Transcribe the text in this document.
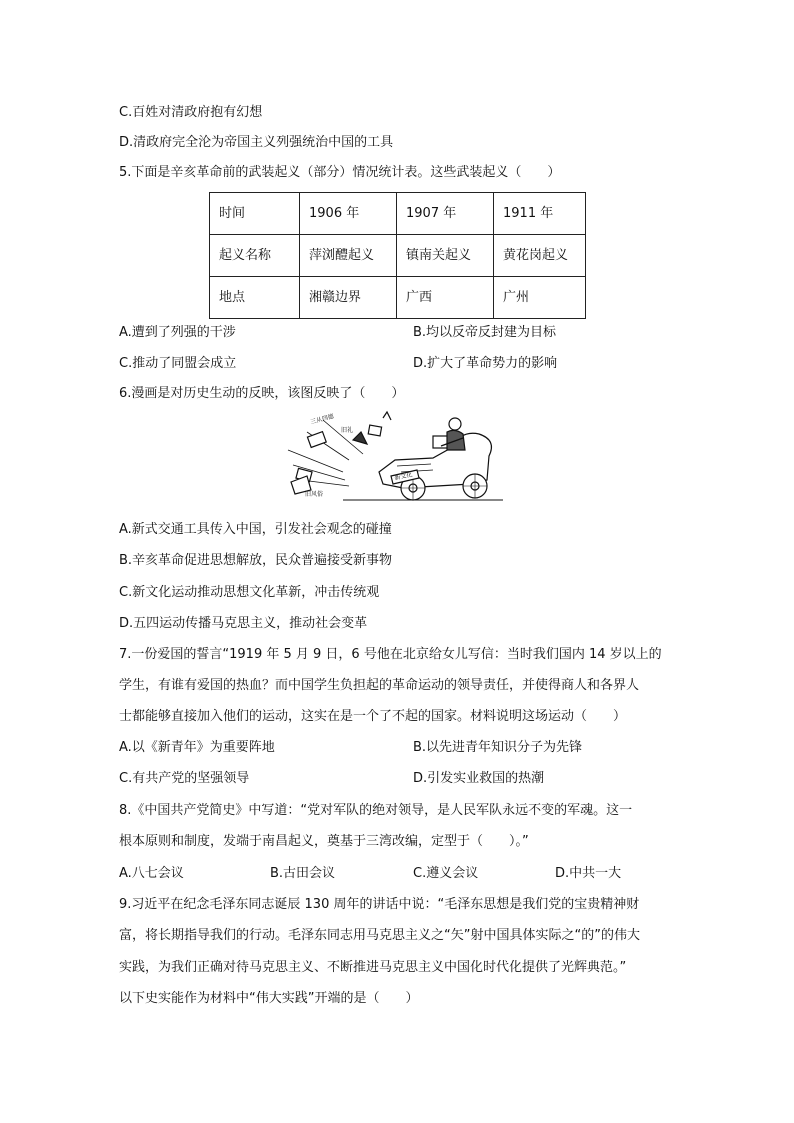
C.百姓对清政府抱有幻想
D.清政府完全沦为帝国主义列强统治中国的工具
5.下面是辛亥革命前的武装起义（部分）情况统计表。这些武装起义（　　）
时间	1906 年	1907 年	1911 年
起义名称	萍浏醴起义	镇南关起义	黄花岗起义
地点	湘赣边界	广西	广州
A.遭到了列强的干涉	B.均以反帝反封建为目标
C.推动了同盟会成立	D.扩大了革命势力的影响
6.漫画是对历史生动的反映，该图反映了（　　）
三从四德
旧礼
旧风俗
新文化
A.新式交通工具传入中国，引发社会观念的碰撞
B.辛亥革命促进思想解放，民众普遍接受新事物
C.新文化运动推动思想文化革新，冲击传统观
D.五四运动传播马克思主义，推动社会变革
7.一份爱国的誓言“1919 年 5 月 9 日，6 号他在北京给女儿写信：当时我们国内 14 岁以上的
学生，有谁有爱国的热血？而中国学生负担起的革命运动的领导责任，并使得商人和各界人
士都能够直接加入他们的运动，这实在是一个了不起的国家。材料说明这场运动（　　）
A.以《新青年》为重要阵地	B.以先进青年知识分子为先锋
C.有共产党的坚强领导	D.引发实业救国的热潮
8.《中国共产党简史》中写道：“党对军队的绝对领导，是人民军队永远不变的军魂。这一
根本原则和制度，发端于南昌起义，奠基于三湾改编，定型于（　　）。”
A.八七会议	B.古田会议	C.遵义会议	D.中共一大
9.习近平在纪念毛泽东同志诞辰 130 周年的讲话中说：“毛泽东思想是我们党的宝贵精神财
富，将长期指导我们的行动。毛泽东同志用马克思主义之“矢”射中国具体实际之“的”的伟大
实践，为我们正确对待马克思主义、不断推进马克思主义中国化时代化提供了光辉典范。”
以下史实能作为材料中“伟大实践”开端的是（　　）
